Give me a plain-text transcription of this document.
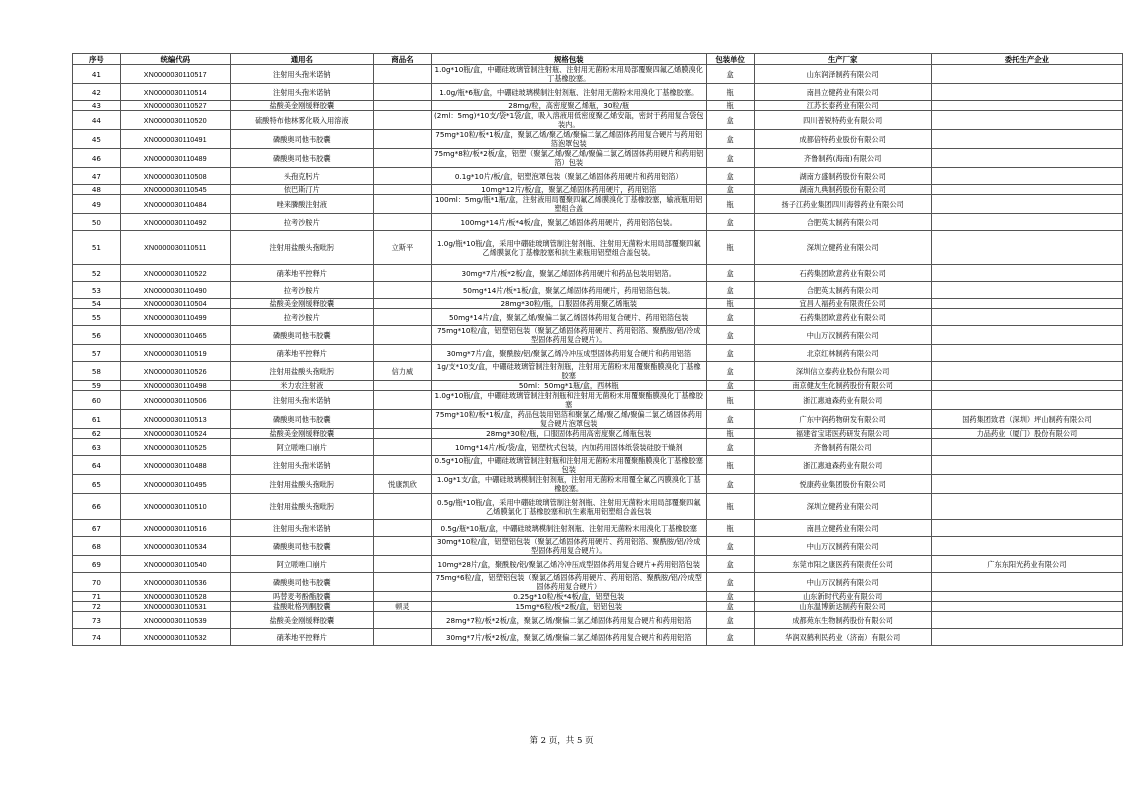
序号	统编代码	通用名	商品名	规格包装	包装单位	生产厂家	委托生产企业
41	XN0000030110517	注射用头孢米诺钠		1.0g*10瓶/盒，中硼硅玻璃管制注射瓶、注射用无菌粉末用局部覆聚四氟乙烯膜溴化丁基橡胶塞。	盒	山东润泽制药有限公司	
42	XN0000030110514	注射用头孢米诺钠		1.0g/瓶*6瓶/盒，中硼硅玻璃模制注射剂瓶、注射用无菌粉末用溴化丁基橡胶塞。	瓶	南昌立健药业有限公司	
43	XN0000030110527	盐酸美金刚缓释胶囊		28mg/粒，高密度聚乙烯瓶，30粒/瓶	瓶	江苏长泰药业有限公司	
44	XN0000030110520	硫酸特布他林雾化吸入用溶液		(2ml：5mg)*10支/袋*1袋/盒，吸入溶液用低密度聚乙烯安瓿，密封于药用复合袋包装内。	盒	四川普锐特药业有限公司	
45	XN0000030110491	磷酸奥司他韦胶囊		75mg*10粒/板*1板/盒，聚氯乙烯/聚乙烯/聚偏二氯乙烯固体药用复合硬片与药用铝箔泡罩包装	盒	成都倍特药业股份有限公司	
46	XN0000030110489	磷酸奥司他韦胶囊		75mg*8粒/板*2板/盒，铝塑（聚氯乙烯/聚乙烯/聚偏二氯乙烯固体药用硬片和药用铝箔）包装	盒	齐鲁制药(海南)有限公司	
47	XN0000030110508	头孢克肟片		0.1g*10片/板/盒，铝塑泡罩包装（聚氯乙烯固体药用硬片和药用铝箔）	盒	湖南方盛制药股份有限公司	
48	XN0000030110545	依巴斯汀片		10mg*12片/板/盒，聚氯乙烯固体药用硬片，药用铝箔	盒	湖南九典制药股份有限公司	
49	XN0000030110484	唑来膦酸注射液		100ml：5mg/瓶*1瓶/盒，注射液用局覆聚四氟乙烯膜溴化丁基橡胶塞，输液瓶用铝塑组合盖	瓶	扬子江药业集团四川海蓉药业有限公司	
50	XN0000030110492	拉考沙胺片		100mg*14片/板*4板/盒，聚氯乙烯固体药用硬片，药用铝箔包装。	盒	合肥英太制药有限公司	
51	XN0000030110511	注射用盐酸头孢吡肟	立斯平	1.0g/瓶*10瓶/盒，采用中硼硅玻璃管制注射剂瓶、注射用无菌粉末用局部覆聚四氟乙烯膜氯化丁基橡胶塞和抗生素瓶用铝塑组合盖包装。	瓶	深圳立健药业有限公司	
52	XN0000030110522	硝苯地平控释片		30mg*7片/板*2板/盒，聚氯乙烯固体药用硬片和药品包装用铝箔。	盒	石药集团欧意药业有限公司	
53	XN0000030110490	拉考沙胺片		50mg*14片/板*1板/盒，聚氯乙烯固体药用硬片，药用铝箔包装。	盒	合肥英太制药有限公司	
54	XN0000030110504	盐酸美金刚缓释胶囊		28mg*30粒/瓶，口服固体药用聚乙烯瓶装	瓶	宜昌人福药业有限责任公司	
55	XN0000030110499	拉考沙胺片		50mg*14片/盒，聚氯乙烯/聚偏二氯乙烯固体药用复合硬片、药用铝箔包装	盒	石药集团欧意药业有限公司	
56	XN0000030110465	磷酸奥司他韦胶囊		75mg*10粒/盒，铝塑铝包装（聚氯乙烯固体药用硬片、药用铝箔、聚酰胺/铝/冷成型固体药用复合硬片）。	盒	中山万汉制药有限公司	
57	XN0000030110519	硝苯地平控释片		30mg*7片/盒，聚酰胺/铝/聚氯乙烯冷冲压成型固体药用复合硬片和药用铝箔	盒	北京红林制药有限公司	
58	XN0000030110526	注射用盐酸头孢吡肟	信力威	1g/支*10支/盒，中硼硅玻璃管制注射剂瓶，注射用无菌粉末用覆聚酯膜溴化丁基橡胶塞	盒	深圳信立泰药业股份有限公司	
59	XN0000030110498	米力农注射液		50ml：50mg*1瓶/盒，西林瓶	盒	南京健友生化制药股份有限公司	
60	XN0000030110506	注射用头孢米诺钠		1.0g*10瓶/盒，中硼硅玻璃管制注射剂瓶和注射用无菌粉末用覆聚酯膜溴化丁基橡胶塞	瓶	浙江惠迪森药业有限公司	
61	XN0000030110513	磷酸奥司他韦胶囊		75mg*10粒/板*1板/盒，药品包装用铝箔和聚氯乙烯/聚乙烯/聚偏二氯乙烯固体药用复合硬片泡罩包装	盒	广东中润药物研发有限公司	国药集团致君（深圳）坪山制药有限公司
62	XN0000030110524	盐酸美金刚缓释胶囊		28mg*30粒/瓶，口服固体药用高密度聚乙烯瓶包装	瓶	福建省宝诺医药研发有限公司	力品药业（厦门）股份有限公司
63	XN0000030110525	阿立哌唑口崩片		10mg*14片/板/袋/盒，铝塑枕式包装，内加药用固体纸袋装硅胶干燥剂	盒	齐鲁制药有限公司	
64	XN0000030110488	注射用头孢米诺钠		0.5g*10瓶/盒，中硼硅玻璃管制注射瓶和注射用无菌粉末用覆聚酯膜溴化丁基橡胶塞包装	瓶	浙江惠迪森药业有限公司	
65	XN0000030110495	注射用盐酸头孢吡肟	悦康凯欣	1.0g*1支/盒，中硼硅玻璃模制注射剂瓶，注射用无菌粉末用覆全氟乙丙膜溴化丁基橡胶塞。	盒	悦康药业集团股份有限公司	
66	XN0000030110510	注射用盐酸头孢吡肟		0.5g/瓶*10瓶/盒，采用中硼硅玻璃管制注射剂瓶、注射用无菌粉末用局部覆聚四氟乙烯膜氯化丁基橡胶塞和抗生素瓶用铝塑组合盖包装	瓶	深圳立健药业有限公司	
67	XN0000030110516	注射用头孢米诺钠		0.5g/瓶*10瓶/盒，中硼硅玻璃模制注射剂瓶、注射用无菌粉末用溴化丁基橡胶塞	瓶	南昌立健药业有限公司	
68	XN0000030110534	磷酸奥司他韦胶囊		30mg*10粒/盒，铝塑铝包装（聚氯乙烯固体药用硬片、药用铝箔、聚酰胺/铝/冷成型固体药用复合硬片）。	盒	中山万汉制药有限公司	
69	XN0000030110540	阿立哌唑口崩片		10mg*28片/盒，聚酰胺/铝/聚氯乙烯冷冲压成型固体药用复合硬片+药用铝箔包装	盒	东莞市阳之康医药有限责任公司	广东东阳光药业有限公司
70	XN0000030110536	磷酸奥司他韦胶囊		75mg*6粒/盒，铝塑铝包装（聚氯乙烯固体药用硬片、药用铝箔、聚酰胺/铝/冷成型固体药用复合硬片）	盒	中山万汉制药有限公司	
71	XN0000030110528	吗替麦考酚酯胶囊		0.25g*10粒/板*4板/盒，铝塑包装	盒	山东新时代药业有限公司	
72	XN0000030110531	盐酸吡格列酮胶囊	顿灵	15mg*6粒/板*2板/盒，铝铝包装	盒	山东温博新达制药有限公司	
73	XN0000030110539	盐酸美金刚缓释胶囊		28mg*7粒/板*2板/盒，聚氯乙烯/聚偏二氯乙烯固体药用复合硬片和药用铝箔	盒	成都苑东生物制药股份有限公司	
74	XN0000030110532	硝苯地平控释片		30mg*7片/板*2板/盒，聚氯乙烯/聚偏二氯乙烯固体药用复合硬片和药用铝箔	盒	华润双鹤利民药业（济南）有限公司	
第 2 页，共 5 页
